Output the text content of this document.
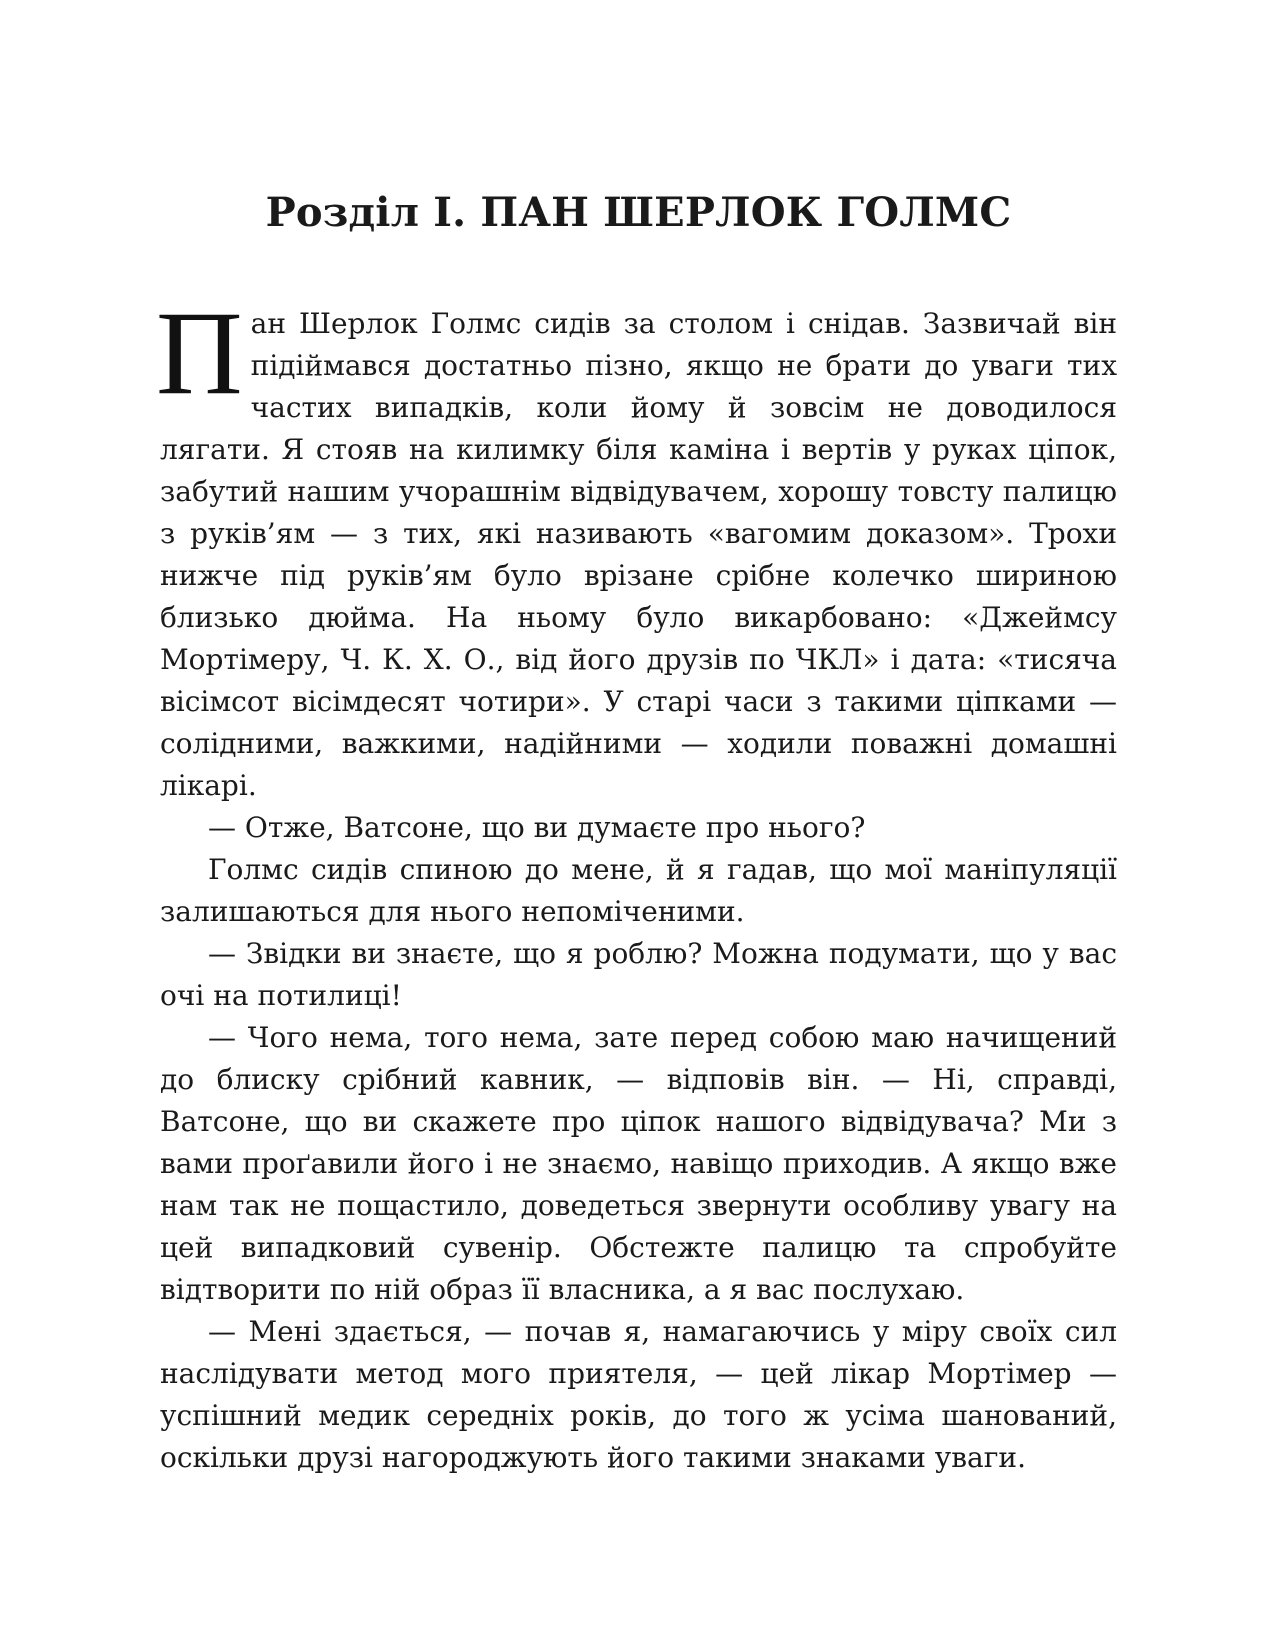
Розділ І. ПАН ШЕРЛОК ГОЛМС

Пан Шерлок Голмс сидів за столом і снідав. Зазвичай він підіймався достатньо пізно, якщо не брати до уваги тих частих випадків, коли йому й зовсім не доводилося лягати. Я стояв на килимку біля каміна і вертів у руках ціпок, забутий нашим учорашнім відвідувачем, хорошу товсту палицю з руків’ям — з тих, які називають «вагомим доказом». Трохи нижче під руків’ям було врізане срібне колечко шириною близько дюйма. На ньому було викарбовано: «Джеймсу Мортімеру, Ч. К. Х. О., від його друзів по ЧКЛ» і дата: «тисяча вісімсот вісімдесят чотири». У старі часи з такими ціпками — солідними, важкими, надійними — ходили поважні домашні лікарі.

— Отже, Ватсоне, що ви думаєте про нього?

Голмс сидів спиною до мене, й я гадав, що мої маніпуляції залишаються для нього непоміченими.

— Звідки ви знаєте, що я роблю? Можна подумати, що у вас очі на потилиці!

— Чого нема, того нема, зате перед собою маю начищений до блиску срібний кавник, — відповів він. — Ні, справді, Ватсоне, що ви скажете про ціпок нашого відвідувача? Ми з вами проґавили його і не знаємо, навіщо приходив. А якщо вже нам так не пощастило, доведеться звернути особливу увагу на цей випадковий сувенір. Обстежте палицю та спробуйте відтворити по ній образ її власника, а я вас послухаю.

— Мені здається, — почав я, намагаючись у міру своїх сил наслідувати метод мого приятеля, — цей лікар Мортімер — успішний медик середніх років, до того ж усіма шанований, оскільки друзі нагороджують його такими знаками уваги.
